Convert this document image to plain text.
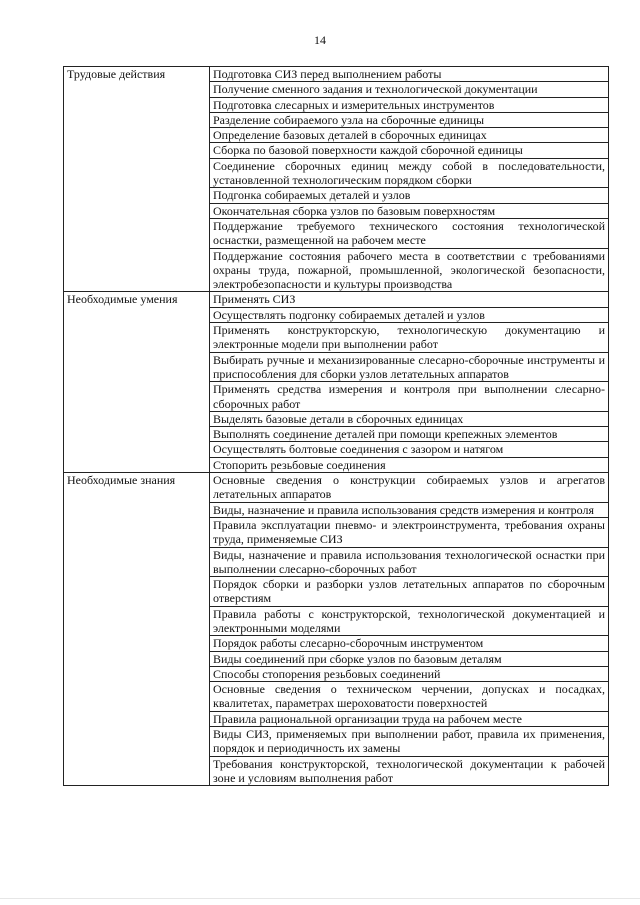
14
Трудовые действия	Подготовка СИЗ перед выполнением работы
	Получение сменного задания и технологической документации
	Подготовка слесарных и измерительных инструментов
	Разделение собираемого узла на сборочные единицы
	Определение базовых деталей в сборочных единицах
	Сборка по базовой поверхности каждой сборочной единицы
	Соединение сборочных единиц между собой в последовательности, установленной технологическим порядком сборки
	Подгонка собираемых деталей и узлов
	Окончательная сборка узлов по базовым поверхностям
	Поддержание требуемого технического состояния технологической оснастки, размещенной на рабочем месте
	Поддержание состояния рабочего места в соответствии с требованиями охраны труда, пожарной, промышленной, экологической безопасности, электробезопасности и культуры производства
Необходимые умения	Применять СИЗ
	Осуществлять подгонку собираемых деталей и узлов
	Применять конструкторскую, технологическую документацию и электронные модели при выполнении работ
	Выбирать ручные и механизированные слесарно-сборочные инструменты и приспособления для сборки узлов летательных аппаратов
	Применять средства измерения и контроля при выполнении слесарно-сборочных работ
	Выделять базовые детали в сборочных единицах
	Выполнять соединение деталей при помощи крепежных элементов
	Осуществлять болтовые соединения с зазором и натягом
	Стопорить резьбовые соединения
Необходимые знания	Основные сведения о конструкции собираемых узлов и агрегатов летательных аппаратов
	Виды, назначение и правила использования средств измерения и контроля
	Правила эксплуатации пневмо- и электроинструмента, требования охраны труда, применяемые СИЗ
	Виды, назначение и правила использования технологической оснастки при выполнении слесарно-сборочных работ
	Порядок сборки и разборки узлов летательных аппаратов по сборочным отверстиям
	Правила работы с конструкторской, технологической документацией и электронными моделями
	Порядок работы слесарно-сборочным инструментом
	Виды соединений при сборке узлов по базовым деталям
	Способы стопорения резьбовых соединений
	Основные сведения о техническом черчении, допусках и посадках, квалитетах, параметрах шероховатости поверхностей
	Правила рациональной организации труда на рабочем месте
	Виды СИЗ, применяемых при выполнении работ, правила их применения, порядок и периодичность их замены
	Требования конструкторской, технологической документации к рабочей зоне и условиям выполнения работ
